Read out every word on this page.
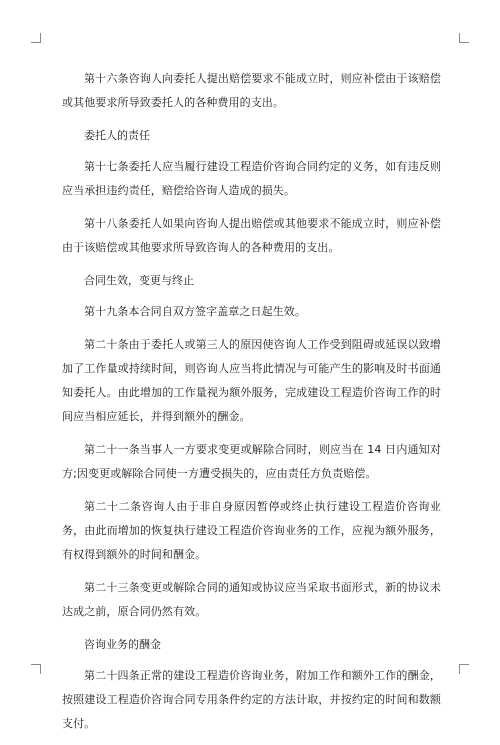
第十六条咨询人向委托人提出赔偿要求不能成立时，则应补偿由于该赔偿或其他要求所导致委托人的各种费用的支出。

委托人的责任

第十七条委托人应当履行建设工程造价咨询合同约定的义务，如有违反则应当承担违约责任，赔偿给咨询人造成的损失。

第十八条委托人如果向咨询人提出赔偿或其他要求不能成立时，则应补偿由于该赔偿或其他要求所导致咨询人的各种费用的支出。

合同生效，变更与终止

第十九条本合同自双方签字盖章之日起生效。

第二十条由于委托人或第三人的原因使咨询人工作受到阻碍或延误以致增加了工作量或持续时间，则咨询人应当将此情况与可能产生的影响及时书面通知委托人。由此增加的工作量视为额外服务，完成建设工程造价咨询工作的时间应当相应延长，并得到额外的酬金。

第二十一条当事人一方要求变更或解除合同时，则应当在 14 日内通知对方;因变更或解除合同使一方遭受损失的，应由责任方负责赔偿。

第二十二条咨询人由于非自身原因暂停或终止执行建设工程造价咨询业务，由此而增加的恢复执行建设工程造价咨询业务的工作，应视为额外服务，有权得到额外的时间和酬金。

第二十三条变更或解除合同的通知或协议应当采取书面形式，新的协议未达成之前，原合同仍然有效。

咨询业务的酬金

第二十四条正常的建设工程造价咨询业务，附加工作和额外工作的酬金，按照建设工程造价咨询合同专用条件约定的方法计取，并按约定的时间和数额支付。
